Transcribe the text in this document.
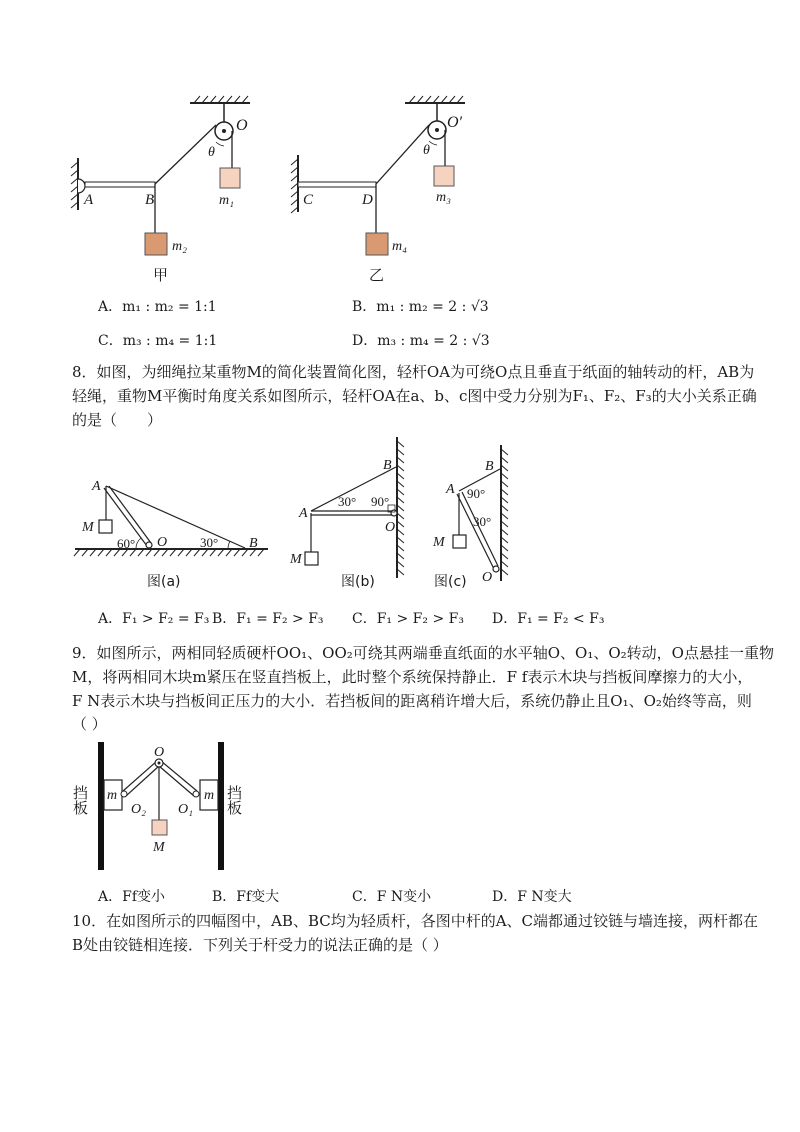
O
θ
A	B	m₁
m₂
甲
O′
θ
C	D	m₃
m₄
乙
A．m₁ : m₂ = 1:1	B．m₁ : m₂ = 2 : √3
C．m₃ : m₄ = 1:1	D．m₃ : m₄ = 2 : √3
8．如图，为细绳拉某重物M的简化装置简化图，轻杆OA为可绕O点且垂直于纸面的轴转动的杆，AB为
轻绳，重物M平衡时角度关系如图所示，轻杆OA在a、b、c图中受力分别为F₁、F₂、F₃的大小关系正确
的是（　　）
A
M
60° O	30° B
图(a)
B
A
30° 90°
O
M
图(b)
B
A 90°
30°
M
O
图(c)
A．F₁ > F₂ = F₃ B．F₁ = F₂ > F₃ C．F₁ > F₂ > F₃ D．F₁ = F₂ < F₃
9．如图所示，两相同轻质硬杆OO₁、OO₂可绕其两端垂直纸面的水平轴O、O₁、O₂转动，O点悬挂一重物
M，将两相同木块m紧压在竖直挡板上，此时整个系统保持静止．F f表示木块与挡板间摩擦力的大小，
F N表示木块与挡板间正压力的大小．若挡板间的距离稍许增大后，系统仍静止且O₁、O₂始终等高，则
（ ）
O
m	m
O₂ O₁
M
挡板	挡板
A．Ff变小	B．Ff变大	C．F N变小	D．F N变大
10．在如图所示的四幅图中，AB、BC均为轻质杆，各图中杆的A、C端都通过铰链与墙连接，两杆都在
B处由铰链相连接．下列关于杆受力的说法正确的是（ ）
